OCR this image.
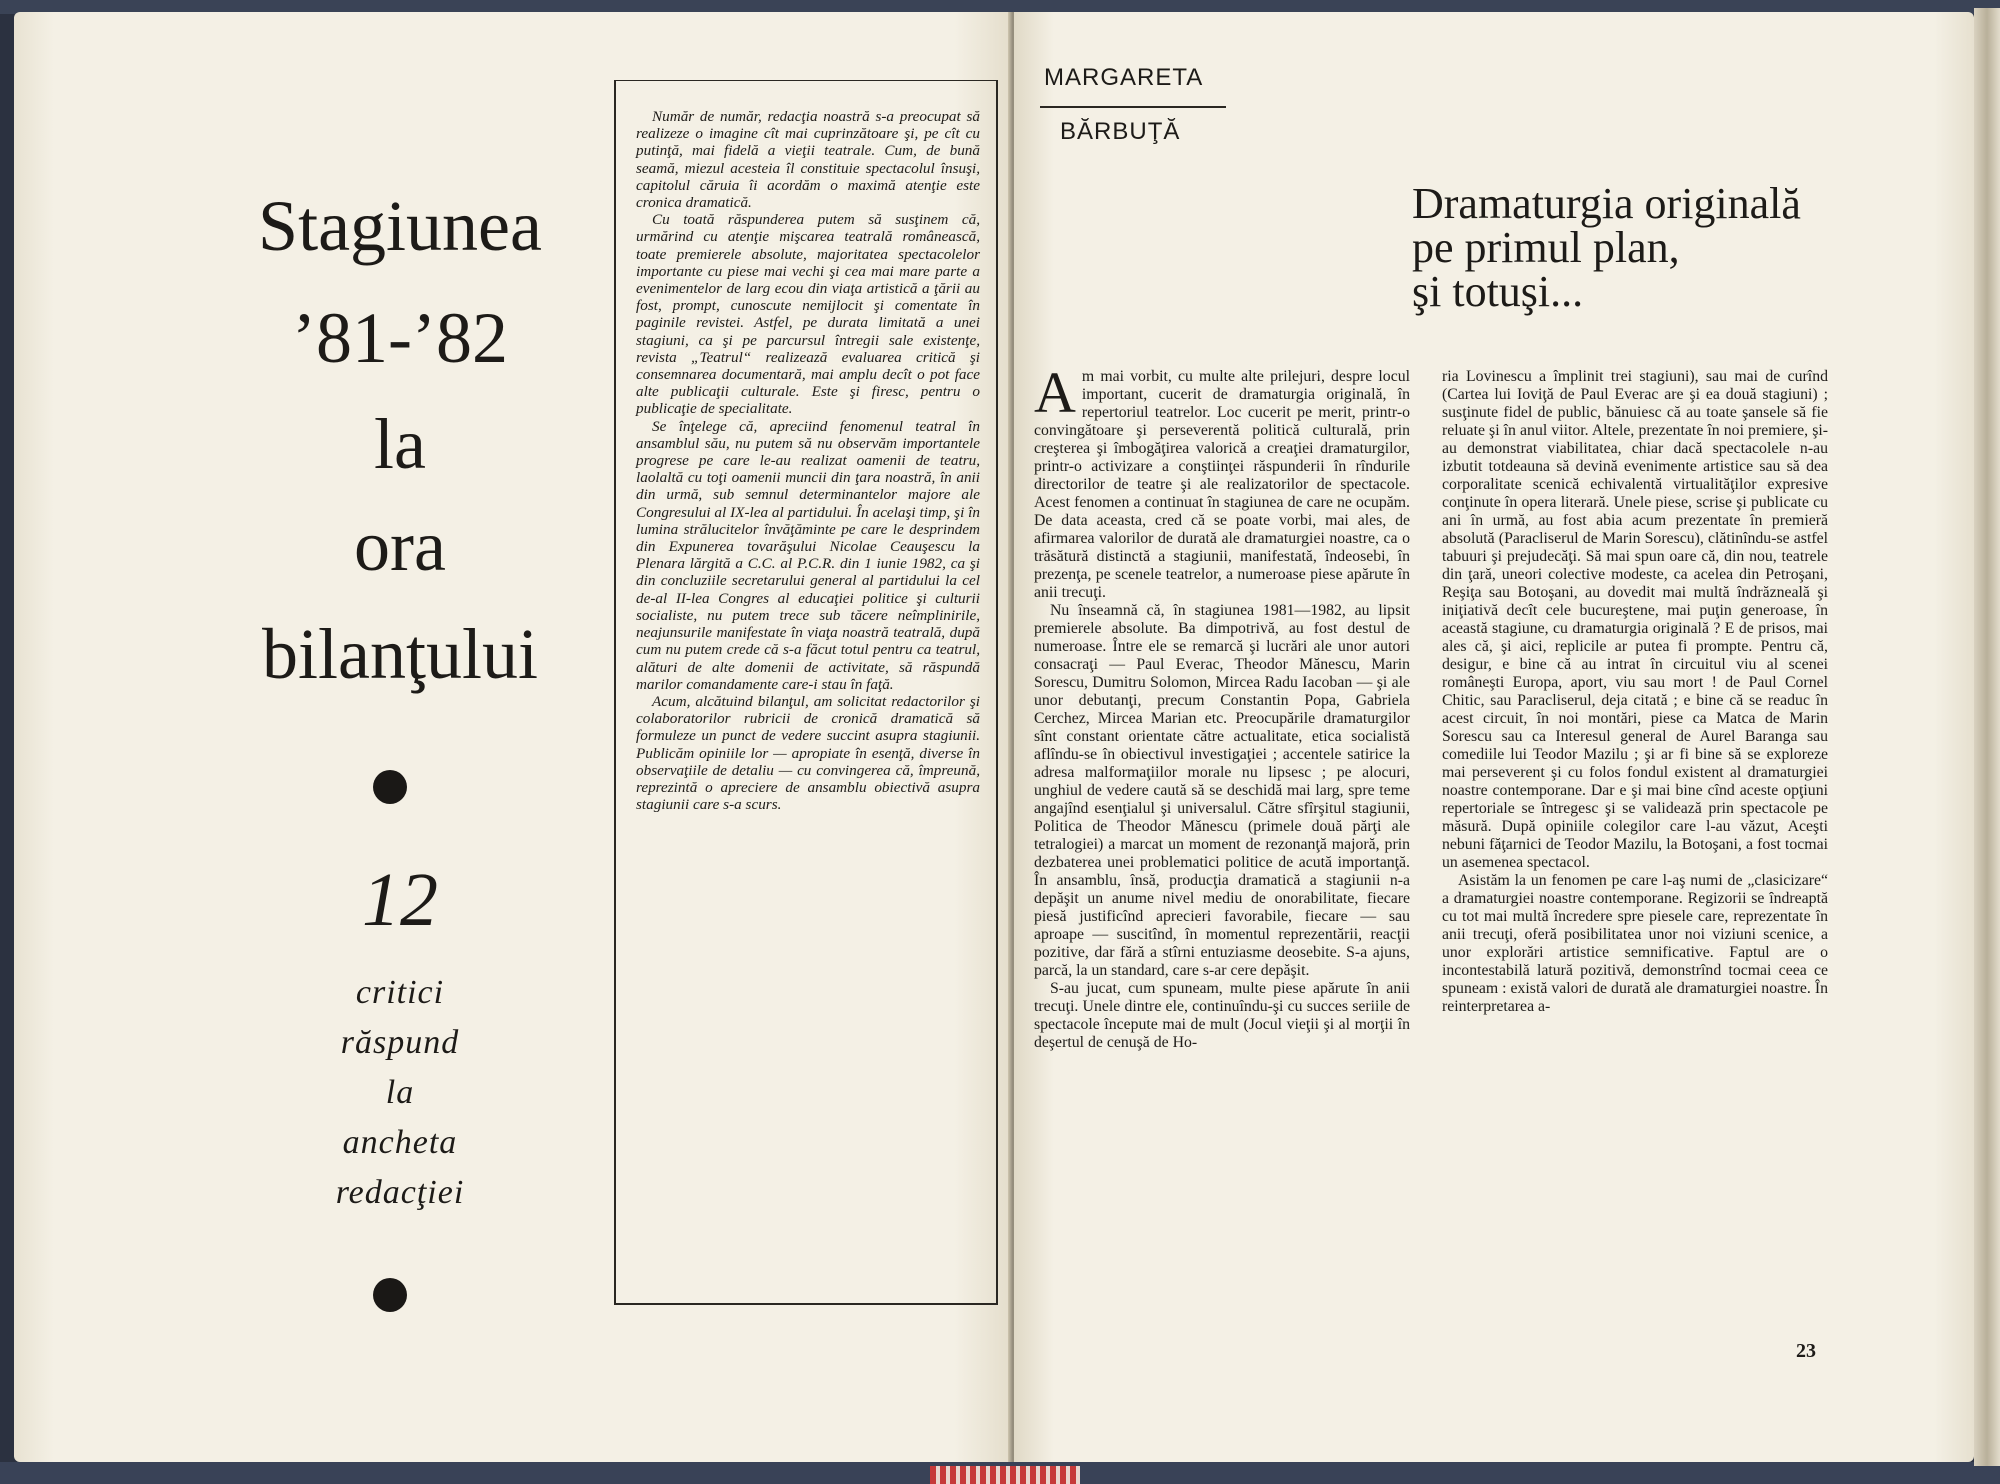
Stagiunea
’81-’82
la
ora
bilanţului
12
critici
răspund
la
ancheta
redacţiei

Număr de număr, redacţia noastră s-a preocupat să realizeze o imagine cît mai cuprinzătoare şi, pe cît cu putinţă, mai fidelă a vieţii teatrale. Cum, de bună seamă, miezul acesteia îl constituie spectacolul însuşi, capitolul căruia îi acordăm o maximă atenţie este cronica dramatică.

Cu toată răspunderea putem să susţinem că, urmărind cu atenţie mişcarea teatrală românească, toate premierele absolute, majoritatea spectacolelor importante cu piese mai vechi şi cea mai mare parte a evenimentelor de larg ecou din viaţa artistică a ţării au fost, prompt, cunoscute nemijlocit şi comentate în paginile revistei. Astfel, pe durata limitată a unei stagiuni, ca şi pe parcursul întregii sale existenţe, revista „Teatrul“ realizează evaluarea critică şi consemnarea documentară, mai amplu decît o pot face alte publicaţii culturale. Este şi firesc, pentru o publicaţie de specialitate.

Se înţelege că, apreciind fenomenul teatral în ansamblul său, nu putem să nu observăm importantele progrese pe care le-au realizat oamenii de teatru, laolaltă cu toţi oamenii muncii din ţara noastră, în anii din urmă, sub semnul determinantelor majore ale Congresului al IX-lea al partidului. În acelaşi timp, şi în lumina strălucitelor învăţăminte pe care le desprindem din Expunerea tovarăşului Nicolae Ceauşescu la Plenara lărgită a C.C. al P.C.R. din 1 iunie 1982, ca şi din concluziile secretarului general al partidului la cel de-al II-lea Congres al educaţiei politice şi culturii socialiste, nu putem trece sub tăcere neîmplinirile, neajunsurile manifestate în viaţa noastră teatrală, după cum nu putem crede că s-a făcut totul pentru ca teatrul, alături de alte domenii de activitate, să răspundă marilor comandamente care-i stau în faţă.

Acum, alcătuind bilanţul, am solicitat redactorilor şi colaboratorilor rubricii de cronică dramatică să formuleze un punct de vedere succint asupra stagiunii. Publicăm opiniile lor — apropiate în esenţă, diverse în observaţiile de detaliu — cu convingerea că, împreună, reprezintă o apreciere de ansamblu obiectivă asupra stagiunii care s-a scurs.

MARGARETA
BĂRBUŢĂ
Dramaturgia originală
pe primul plan,
şi totuşi...

Am mai vorbit, cu multe alte prilejuri, despre locul important, cucerit de dramaturgia originală, în repertoriul teatrelor. Loc cucerit pe merit, printr-o convingătoare şi perseverentă politică culturală, prin creşterea şi îmbogăţirea valorică a creaţiei dramaturgilor, printr-o activizare a conştiinţei răspunderii în rîndurile directorilor de teatre şi ale realizatorilor de spectacole. Acest fenomen a continuat în stagiunea de care ne ocupăm. De data aceasta, cred că se poate vorbi, mai ales, de afirmarea valorilor de durată ale dramaturgiei noastre, ca o trăsătură distinctă a stagiunii, manifestată, îndeosebi, în prezenţa, pe scenele teatrelor, a numeroase piese apărute în anii trecuţi.

Nu înseamnă că, în stagiunea 1981—1982, au lipsit premierele absolute. Ba dimpotrivă, au fost destul de numeroase. Între ele se remarcă şi lucrări ale unor autori consacraţi — Paul Everac, Theodor Mănescu, Marin Sorescu, Dumitru Solomon, Mircea Radu Iacoban — şi ale unor debutanţi, precum Constantin Popa, Gabriela Cerchez, Mircea Marian etc. Preocupările dramaturgilor sînt constant orientate către actualitate, etica socialistă aflîndu-se în obiectivul investigaţiei ; accentele satirice la adresa malformaţiilor morale nu lipsesc ; pe alocuri, unghiul de vedere caută să se deschidă mai larg, spre teme angajînd esenţialul şi universalul. Către sfîrşitul stagiunii, Politica de Theodor Mănescu (primele două părţi ale tetralogiei) a marcat un moment de rezonanţă majoră, prin dezbaterea unei problematici politice de acută importanţă. În ansamblu, însă, producţia dramatică a stagiunii n-a depăşit un anume nivel mediu de onorabilitate, fiecare piesă justificînd aprecieri favorabile, fiecare — sau aproape — suscitînd, în momentul reprezentării, reacţii pozitive, dar fără a stîrni entuziasme deosebite. S-a ajuns, parcă, la un standard, care s-ar cere depăşit.

S-au jucat, cum spuneam, multe piese apărute în anii trecuţi. Unele dintre ele, continuîndu-şi cu succes seriile de spectacole începute mai de mult (Jocul vieţii şi al morţii în deşertul de cenuşă de Ho-

ria Lovinescu a împlinit trei stagiuni), sau mai de curînd (Cartea lui Ioviţă de Paul Everac are şi ea două stagiuni) ; susţinute fidel de public, bănuiesc că au toate şansele să fie reluate şi în anul viitor. Altele, prezentate în noi premiere, şi-au demonstrat viabilitatea, chiar dacă spectacolele n-au izbutit totdeauna să devină evenimente artistice sau să dea corporalitate scenică echivalentă virtualităţilor expresive conţinute în opera literară. Unele piese, scrise şi publicate cu ani în urmă, au fost abia acum prezentate în premieră absolută (Paracliserul de Marin Sorescu), clătinîndu-se astfel tabuuri şi prejudecăţi. Să mai spun oare că, din nou, teatrele din ţară, uneori colective modeste, ca acelea din Petroşani, Reşiţa sau Botoşani, au dovedit mai multă îndrăzneală şi iniţiativă decît cele bucureştene, mai puţin generoase, în această stagiune, cu dramaturgia originală ? E de prisos, mai ales că, şi aici, replicile ar putea fi prompte. Pentru că, desigur, e bine că au intrat în circuitul viu al scenei româneşti Europa, aport, viu sau mort ! de Paul Cornel Chitic, sau Paracliserul, deja citată ; e bine că se readuc în acest circuit, în noi montări, piese ca Matca de Marin Sorescu sau ca Interesul general de Aurel Baranga sau comediile lui Teodor Mazilu ; şi ar fi bine să se exploreze mai perseverent şi cu folos fondul existent al dramaturgiei noastre contemporane. Dar e şi mai bine cînd aceste opţiuni repertoriale se întregesc şi se validează prin spectacole pe măsură. După opiniile colegilor care l-au văzut, Aceşti nebuni făţarnici de Teodor Mazilu, la Botoşani, a fost tocmai un asemenea spectacol.

Asistăm la un fenomen pe care l-aş numi de „clasicizare“ a dramaturgiei noastre contemporane. Regizorii se îndreaptă cu tot mai multă încredere spre piesele care, reprezentate în anii trecuţi, oferă posibilitatea unor noi viziuni scenice, a unor explorări artistice semnificative. Faptul are o incontestabilă latură pozitivă, demonstrînd tocmai ceea ce spuneam : există valori de durată ale dramaturgiei noastre. În reinterpretarea a-

23
